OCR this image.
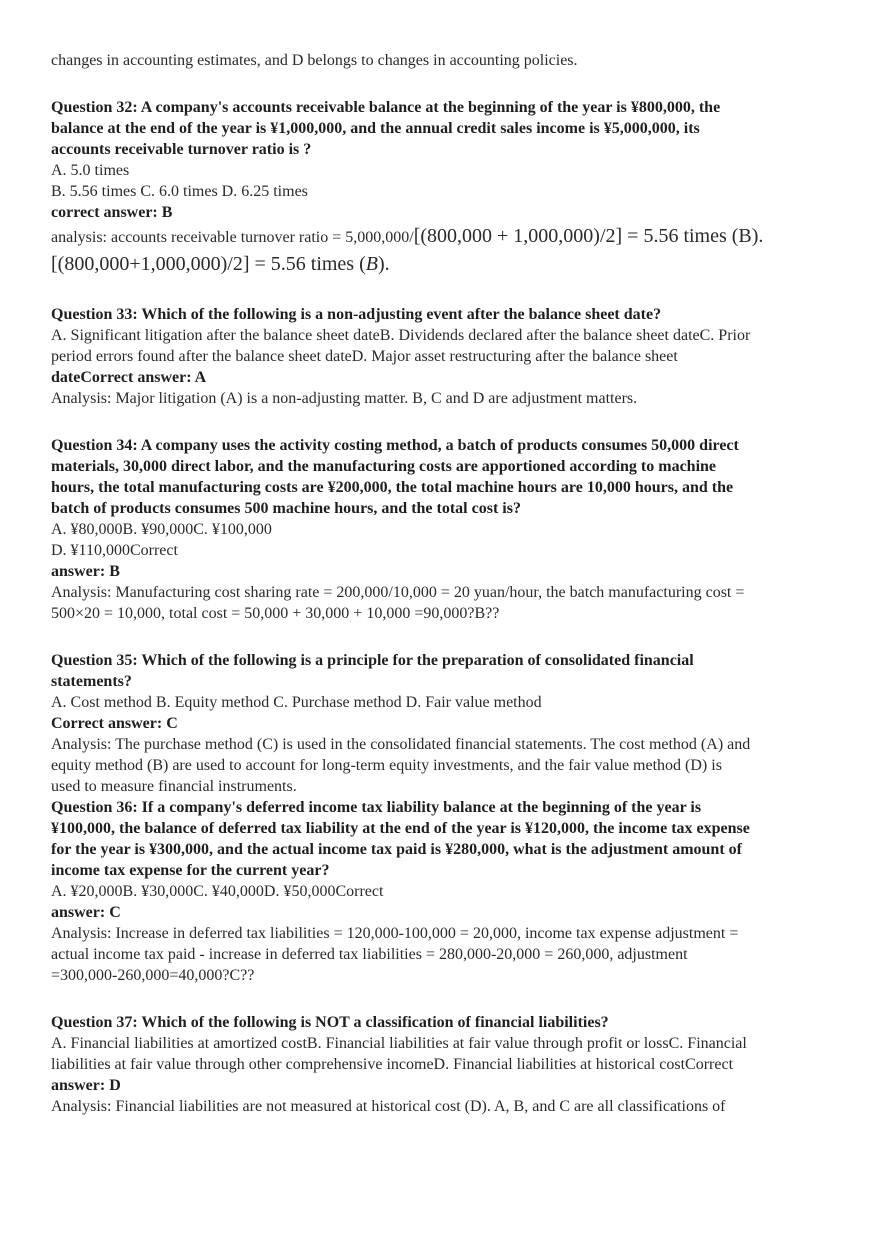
changes in accounting estimates, and D belongs to changes in accounting policies.
Question 32: A company's accounts receivable balance at the beginning of the year is ¥800,000, the
balance at the end of the year is ¥1,000,000, and the annual credit sales income is ¥5,000,000, its
accounts receivable turnover ratio is ?
A. 5.0 times
B. 5.56 times C. 6.0 times D. 6.25 times
correct answer: B
analysis: accounts receivable turnover ratio = 5,000,000/[(800,000 + 1,000,000)/2] = 5.56 times (B).
[(800,000+1,000,000)/2] = 5.56 times (B).
Question 33: Which of the following is a non-adjusting event after the balance sheet date?
A. Significant litigation after the balance sheet dateB. Dividends declared after the balance sheet dateC. Prior
period errors found after the balance sheet dateD. Major asset restructuring after the balance sheet
dateCorrect answer: A
Analysis: Major litigation (A) is a non-adjusting matter. B, C and D are adjustment matters.
Question 34: A company uses the activity costing method, a batch of products consumes 50,000 direct
materials, 30,000 direct labor, and the manufacturing costs are apportioned according to machine
hours, the total manufacturing costs are ¥200,000, the total machine hours are 10,000 hours, and the
batch of products consumes 500 machine hours, and the total cost is?
A. ¥80,000B. ¥90,000C. ¥100,000
D. ¥110,000Correct
answer: B
Analysis: Manufacturing cost sharing rate = 200,000/10,000 = 20 yuan/hour, the batch manufacturing cost =
500×20 = 10,000, total cost = 50,000 + 30,000 + 10,000 =90,000?B??
Question 35: Which of the following is a principle for the preparation of consolidated financial
statements?
A. Cost method B. Equity method C. Purchase method D. Fair value method
Correct answer: C
Analysis: The purchase method (C) is used in the consolidated financial statements. The cost method (A) and
equity method (B) are used to account for long-term equity investments, and the fair value method (D) is
used to measure financial instruments.
Question 36: If a company's deferred income tax liability balance at the beginning of the year is
¥100,000, the balance of deferred tax liability at the end of the year is ¥120,000, the income tax expense
for the year is ¥300,000, and the actual income tax paid is ¥280,000, what is the adjustment amount of
income tax expense for the current year?
A. ¥20,000B. ¥30,000C. ¥40,000D. ¥50,000Correct
answer: C
Analysis: Increase in deferred tax liabilities = 120,000-100,000 = 20,000, income tax expense adjustment =
actual income tax paid - increase in deferred tax liabilities = 280,000-20,000 = 260,000, adjustment
=300,000-260,000=40,000?C??
Question 37: Which of the following is NOT a classification of financial liabilities?
A. Financial liabilities at amortized costB. Financial liabilities at fair value through profit or lossC. Financial
liabilities at fair value through other comprehensive incomeD. Financial liabilities at historical costCorrect
answer: D
Analysis: Financial liabilities are not measured at historical cost (D). A, B, and C are all classifications of
